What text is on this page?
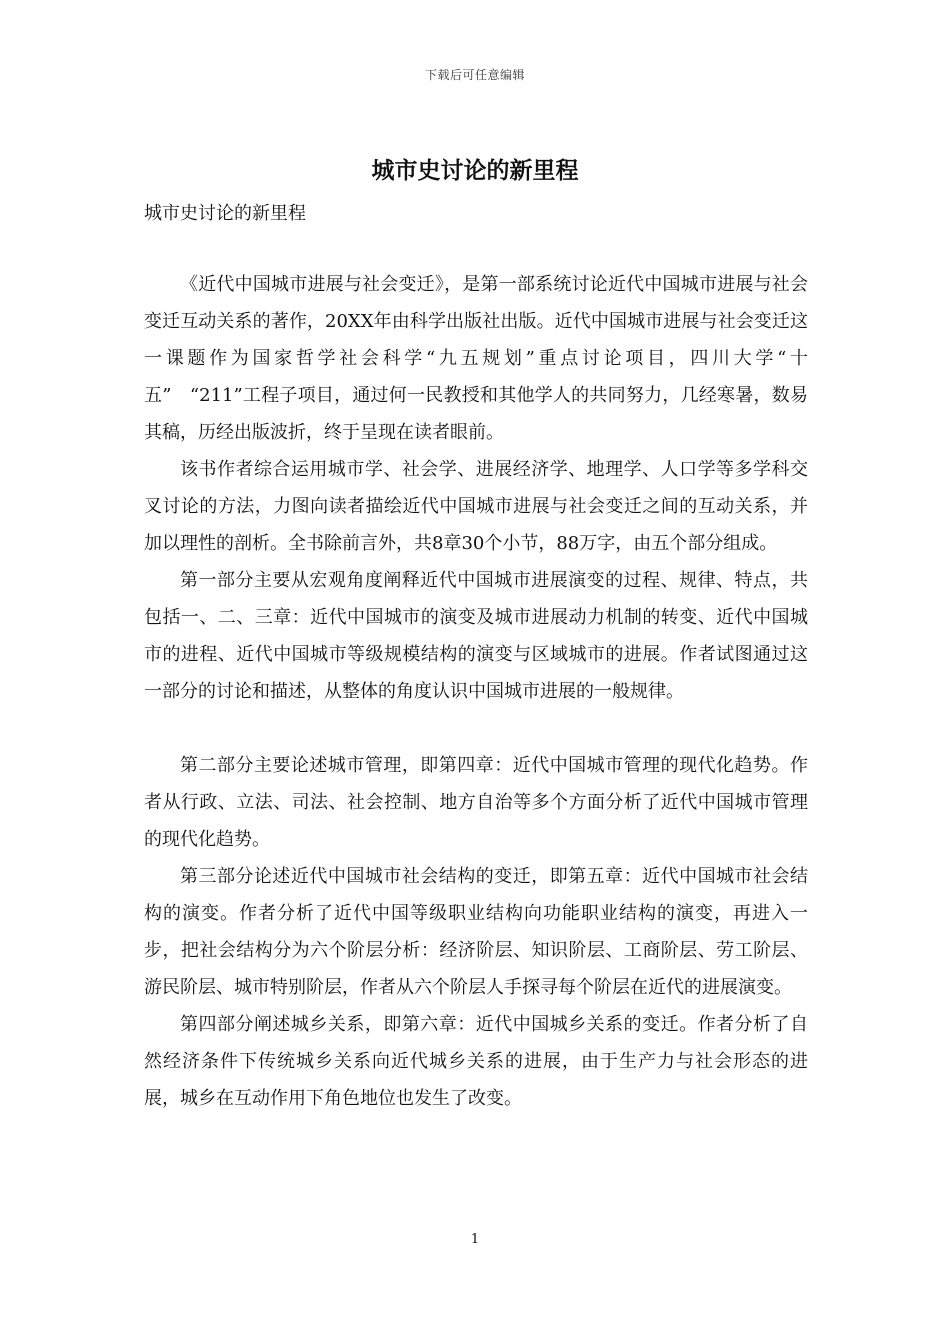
下载后可任意编辑
城市史讨论的新里程
城市史讨论的新里程

《近代中国城市进展与社会变迁》，是第一部系统讨论近代中国城市进展与社会变迁互动关系的著作，20XX年由科学出版社出版。近代中国城市进展与社会变迁这一课题作为国家哲学社会科学“九五规划”重点讨论项目，四川大学“十五”　“211”工程子项目，通过何一民教授和其他学人的共同努力，几经寒暑，数易其稿，历经出版波折，终于呈现在读者眼前。

该书作者综合运用城市学、社会学、进展经济学、地理学、人口学等多学科交叉讨论的方法，力图向读者描绘近代中国城市进展与社会变迁之间的互动关系，并加以理性的剖析。全书除前言外，共8章30个小节，88万字，由五个部分组成。

第一部分主要从宏观角度阐释近代中国城市进展演变的过程、规律、特点，共包括一、二、三章：近代中国城市的演变及城市进展动力机制的转变、近代中国城市的进程、近代中国城市等级规模结构的演变与区域城市的进展。作者试图通过这一部分的讨论和描述，从整体的角度认识中国城市进展的一般规律。

第二部分主要论述城市管理，即第四章：近代中国城市管理的现代化趋势。作者从行政、立法、司法、社会控制、地方自治等多个方面分析了近代中国城市管理的现代化趋势。

第三部分论述近代中国城市社会结构的变迁，即第五章：近代中国城市社会结构的演变。作者分析了近代中国等级职业结构向功能职业结构的演变，再进入一步，把社会结构分为六个阶层分析：经济阶层、知识阶层、工商阶层、劳工阶层、游民阶层、城市特别阶层，作者从六个阶层人手探寻每个阶层在近代的进展演变。

第四部分阐述城乡关系，即第六章：近代中国城乡关系的变迁。作者分析了自然经济条件下传统城乡关系向近代城乡关系的进展，由于生产力与社会形态的进展，城乡在互动作用下角色地位也发生了改变。

1
